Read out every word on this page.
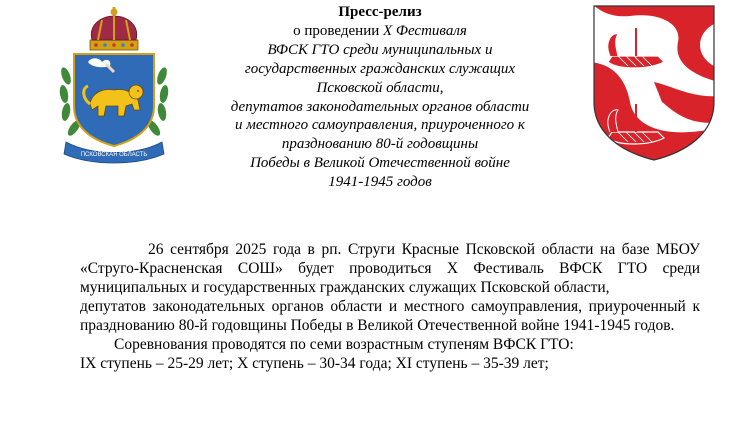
ПСКОВСКАЯ ОБЛАСТЬ
Пресс-релиз
о проведении X Фестиваля
ВФСК ГТО среди муниципальных и
государственных гражданских служащих
Псковской области,
депутатов законодательных органов области
и местного самоуправления, приуроченного к
празднованию 80-й годовщины
Победы в Великой Отечественной войне
1941-1945 годов

26 сентября 2025 года в рп. Струги Красные Псковской области на базе МБОУ «Струго-Красненская СОШ» будет проводиться X Фестиваль ВФСК ГТО среди муниципальных и государственных гражданских служащих Псковской области,

депутатов законодательных органов области и местного самоуправления, приуроченный к празднованию 80-й годовщины Победы в Великой Отечественной войне 1941-1945 годов.

Соревнования проводятся по семи возрастным ступеням ВФСК ГТО:

IX ступень – 25-29 лет; X ступень – 30-34 года; XI ступень – 35-39 лет;
